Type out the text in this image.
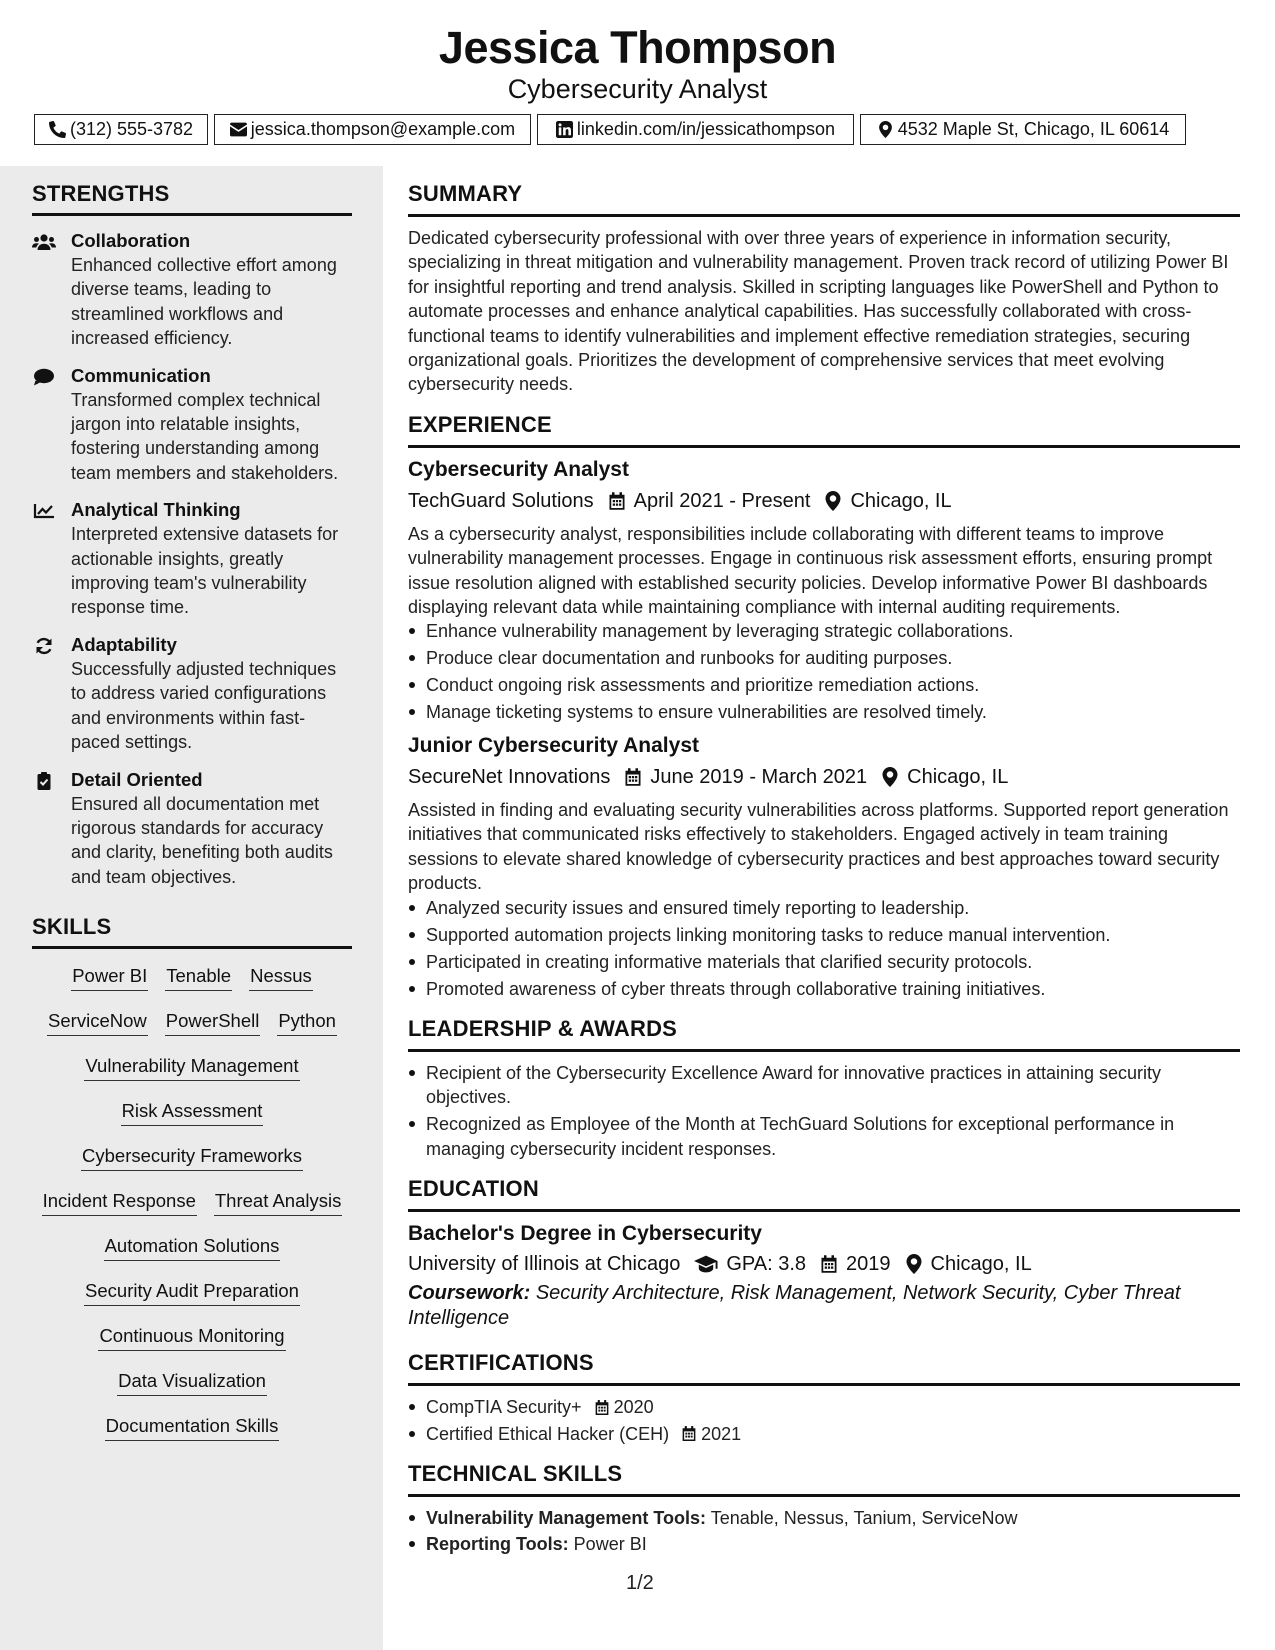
Jessica Thompson
Cybersecurity Analyst
(312) 555-3782	jessica.thompson@example.com	linkedin.com/in/jessicathompson	4532 Maple St, Chicago, IL 60614
STRENGTHS
Collaboration
Enhanced collective effort among diverse teams, leading to streamlined workflows and increased efficiency.
Communication
Transformed complex technical jargon into relatable insights, fostering understanding among team members and stakeholders.
Analytical Thinking
Interpreted extensive datasets for actionable insights, greatly improving team's vulnerability response time.
Adaptability
Successfully adjusted techniques to address varied configurations and environments within fast-paced settings.
Detail Oriented
Ensured all documentation met rigorous standards for accuracy and clarity, benefiting both audits and team objectives.
SKILLS
Power BI Tenable Nessus
ServiceNow PowerShell Python
Vulnerability Management
Risk Assessment
Cybersecurity Frameworks
Incident Response Threat Analysis
Automation Solutions
Security Audit Preparation
Continuous Monitoring
Data Visualization
Documentation Skills
SUMMARY
Dedicated cybersecurity professional with over three years of experience in information security, specializing in threat mitigation and vulnerability management. Proven track record of utilizing Power BI for insightful reporting and trend analysis. Skilled in scripting languages like PowerShell and Python to automate processes and enhance analytical capabilities. Has successfully collaborated with cross-functional teams to identify vulnerabilities and implement effective remediation strategies, securing organizational goals. Prioritizes the development of comprehensive services that meet evolving cybersecurity needs.
EXPERIENCE
Cybersecurity Analyst
TechGuard Solutions April 2021 - Present Chicago, IL
As a cybersecurity analyst, responsibilities include collaborating with different teams to improve vulnerability management processes. Engage in continuous risk assessment efforts, ensuring prompt issue resolution aligned with established security policies. Develop informative Power BI dashboards displaying relevant data while maintaining compliance with internal auditing requirements.
Enhance vulnerability management by leveraging strategic collaborations.
Produce clear documentation and runbooks for auditing purposes.
Conduct ongoing risk assessments and prioritize remediation actions.
Manage ticketing systems to ensure vulnerabilities are resolved timely.
Junior Cybersecurity Analyst
SecureNet Innovations June 2019 - March 2021 Chicago, IL
Assisted in finding and evaluating security vulnerabilities across platforms. Supported report generation initiatives that communicated risks effectively to stakeholders. Engaged actively in team training sessions to elevate shared knowledge of cybersecurity practices and best approaches toward security products.
Analyzed security issues and ensured timely reporting to leadership.
Supported automation projects linking monitoring tasks to reduce manual intervention.
Participated in creating informative materials that clarified security protocols.
Promoted awareness of cyber threats through collaborative training initiatives.
LEADERSHIP & AWARDS
Recipient of the Cybersecurity Excellence Award for innovative practices in attaining security objectives.
Recognized as Employee of the Month at TechGuard Solutions for exceptional performance in managing cybersecurity incident responses.
EDUCATION
Bachelor's Degree in Cybersecurity
University of Illinois at Chicago GPA: 3.8 2019 Chicago, IL
Coursework: Security Architecture, Risk Management, Network Security, Cyber Threat Intelligence
CERTIFICATIONS
CompTIA Security+ 2020
Certified Ethical Hacker (CEH) 2021
TECHNICAL SKILLS
Vulnerability Management Tools: Tenable, Nessus, Tanium, ServiceNow
Reporting Tools: Power BI
1/2
